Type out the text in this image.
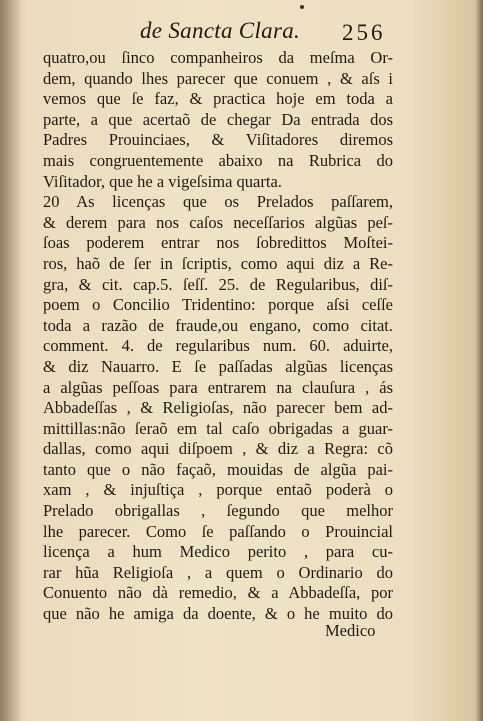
de Sancta Clara. 256
quatro,ou ſinco companheiros da meſma Or-
dem, quando lhes parecer que conuem , & aſs i
vemos que ſe faz, & practica hoje em toda a
parte, a que acertaõ de chegar Da entrada dos
Padres Prouinciaes, & Viſitadores diremos
mais congruentemente abaixo na Rubrica do
Viſitador, que he a vigeſsima quarta.
20 As licenças que os Prelados paſſarem,
& derem para nos caſos neceſſarios algũas peſ-
ſoas poderem entrar nos ſobredittos Moſtei-
ros, haõ de ſer in ſcriptis, como aqui diz a Re-
gra, & cit. cap.5. ſeſſ. 25. de Regularibus, diſ-
poem o Concilio Tridentino: porque aſsi ceſſe
toda a razão de fraude,ou engano, como citat.
comment. 4. de regularibus num. 60. aduirte,
& diz Nauarro. E ſe paſſadas algũas licenças
a algũas peſſoas para entrarem na clauſura , ás
Abbadeſſas , & Religioſas, não parecer bem ad-
mittillas:não ſeraõ em tal caſo obrigadas a guar-
dallas, como aqui diſpoem , & diz a Regra: cõ
tanto que o não façaõ, mouidas de algũa pai-
xam , & injuſtiça , porque entaõ poderà o
Prelado obrigallas , ſegundo que melhor
lhe parecer. Como ſe paſſando o Prouincial
licença a hum Medico perito , para cu-
rar hũa Religioſa , a quem o Ordinario do
Conuento não dà remedio, & a Abbadeſſa, por
que não he amiga da doente, & o he muito do
Medico
